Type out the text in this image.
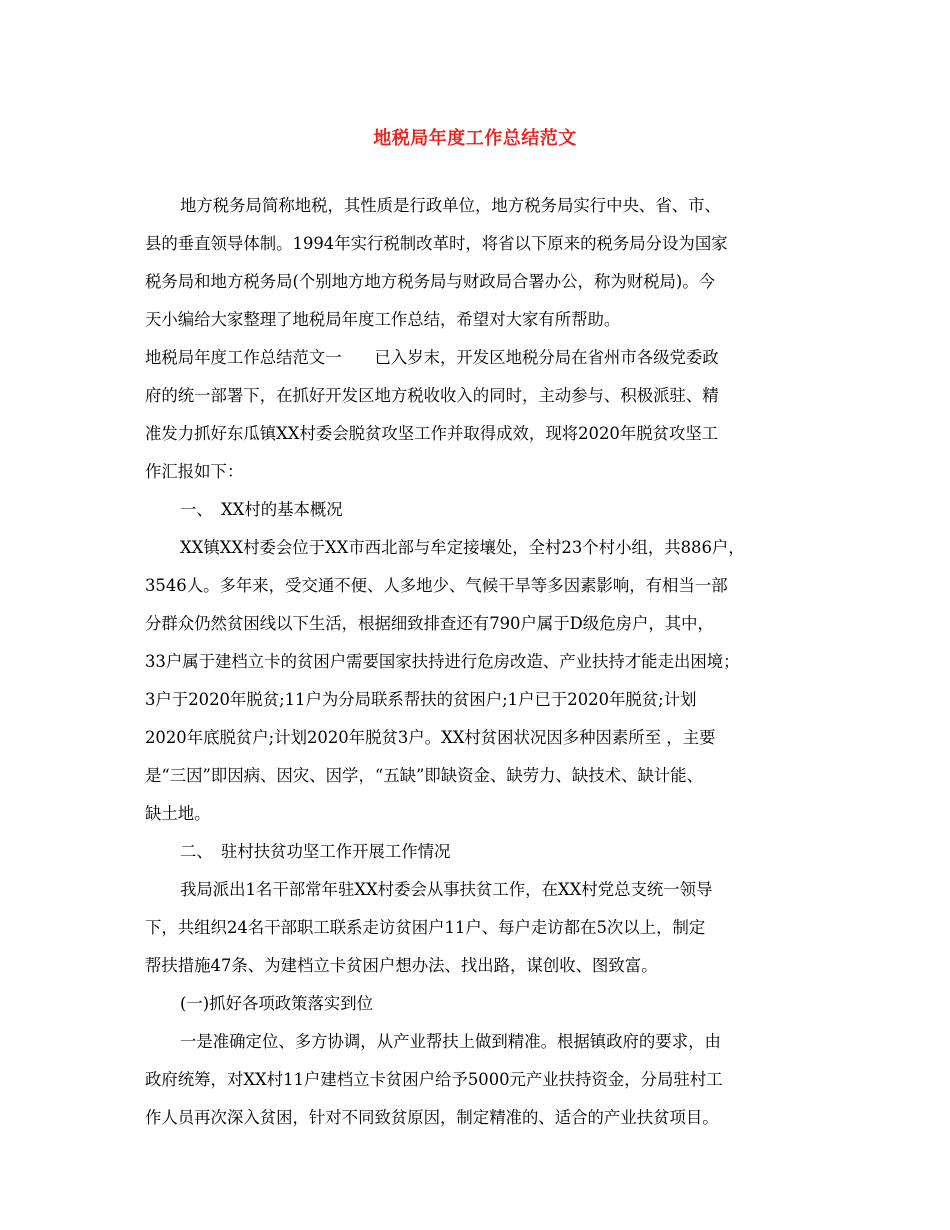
地税局年度工作总结范文
地方税务局简称地税，其性质是行政单位，地方税务局实行中央、省、市、
县的垂直领导体制。1994年实行税制改革时，将省以下原来的税务局分设为国家
税务局和地方税务局(个别地方地方税务局与财政局合署办公，称为财税局)。今
天小编给大家整理了地税局年度工作总结，希望对大家有所帮助。
地税局年度工作总结范文一　　已入岁末，开发区地税分局在省州市各级党委政
府的统一部署下，在抓好开发区地方税收收入的同时，主动参与、积极派驻、精
准发力抓好东瓜镇XX村委会脱贫攻坚工作并取得成效，现将2020年脱贫攻坚工
作汇报如下：
一、　XX村的基本概况
XX镇XX村委会位于XX市西北部与牟定接壤处，全村23个村小组，共886户，
3546人。多年来，受交通不便、人多地少、气候干旱等多因素影响，有相当一部
分群众仍然贫困线以下生活，根据细致排查还有790户属于D级危房户，其中，
33户属于建档立卡的贫困户需要国家扶持进行危房改造、产业扶持才能走出困境；
3户于2020年脱贫;11户为分局联系帮扶的贫困户;1户已于2020年脱贫;计划
2020年底脱贫户;计划2020年脱贫3户。XX村贫困状况因多种因素所至 ，主要
是“三因”即因病、因灾、因学，“五缺”即缺资金、缺劳力、缺技术、缺计能、
缺土地。
二、　驻村扶贫功坚工作开展工作情况
我局派出1名干部常年驻XX村委会从事扶贫工作，在XX村党总支统一领导
下，共组织24名干部职工联系走访贫困户11户、每户走访都在5次以上，制定
帮扶措施47条、为建档立卡贫困户想办法、找出路，谋创收、图致富。
(一)抓好各项政策落实到位
一是准确定位、多方协调，从产业帮扶上做到精准。根据镇政府的要求，由
政府统筹，对XX村11户建档立卡贫困户给予5000元产业扶持资金，分局驻村工
作人员再次深入贫困，针对不同致贫原因，制定精准的、适合的产业扶贫项目。
